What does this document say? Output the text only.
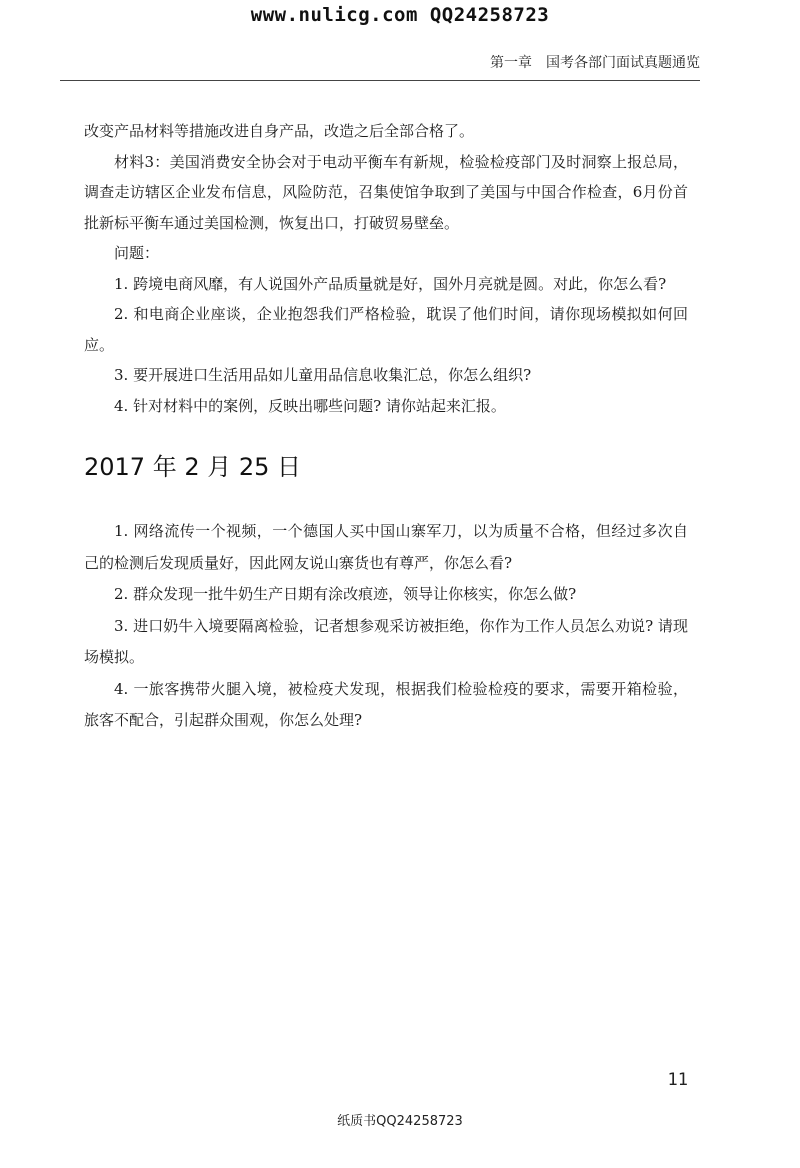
www.nulicg.com QQ24258723
第一章 国考各部门面试真题通览

改变产品材料等措施改进自身产品，改造之后全部合格了。

材料3：美国消费安全协会对于电动平衡车有新规，检验检疫部门及时洞察上报总局，调查走访辖区企业发布信息，风险防范，召集使馆争取到了美国与中国合作检查，6月份首批新标平衡车通过美国检测，恢复出口，打破贸易壁垒。

问题：

1. 跨境电商风靡，有人说国外产品质量就是好，国外月亮就是圆。对此，你怎么看?

2. 和电商企业座谈，企业抱怨我们严格检验，耽误了他们时间，请你现场模拟如何回应。

3. 要开展进口生活用品如儿童用品信息收集汇总，你怎么组织?

4. 针对材料中的案例，反映出哪些问题? 请你站起来汇报。

2017 年 2 月 25 日

1. 网络流传一个视频，一个德国人买中国山寨军刀，以为质量不合格，但经过多次自己的检测后发现质量好，因此网友说山寨货也有尊严，你怎么看?

2. 群众发现一批牛奶生产日期有涂改痕迹，领导让你核实，你怎么做?

3. 进口奶牛入境要隔离检验，记者想参观采访被拒绝，你作为工作人员怎么劝说? 请现场模拟。

4. 一旅客携带火腿入境，被检疫犬发现，根据我们检验检疫的要求，需要开箱检验，旅客不配合，引起群众围观，你怎么处理?

11
纸质书QQ24258723
